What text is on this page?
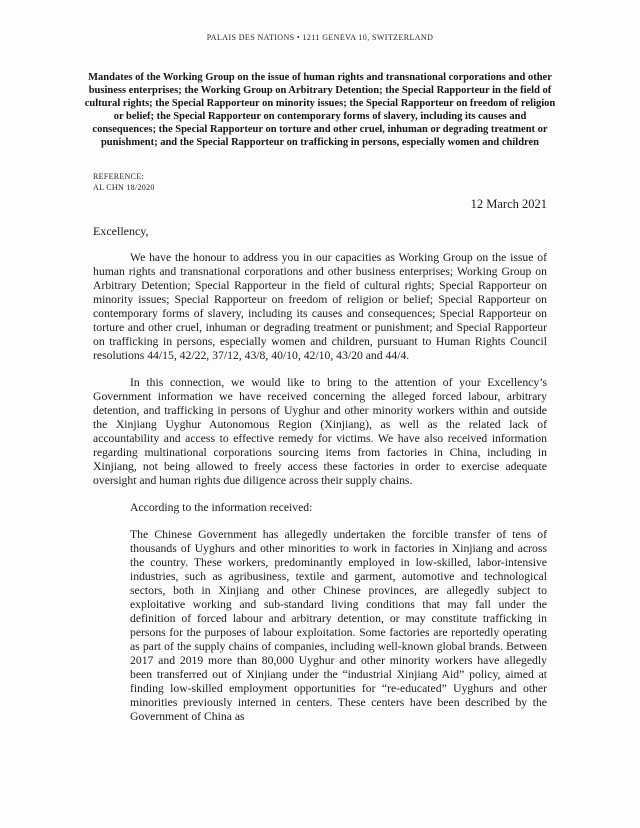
PALAIS DES NATIONS • 1211 GENEVA 10, SWITZERLAND
Mandates of the Working Group on the issue of human rights and transnational corporations and other business enterprises; the Working Group on Arbitrary Detention; the Special Rapporteur in the field of cultural rights; the Special Rapporteur on minority issues; the Special Rapporteur on freedom of religion or belief; the Special Rapporteur on contemporary forms of slavery, including its causes and consequences; the Special Rapporteur on torture and other cruel, inhuman or degrading treatment or punishment; and the Special Rapporteur on trafficking in persons, especially women and children
REFERENCE:
AL CHN 18/2020
12 March 2021

Excellency,

We have the honour to address you in our capacities as Working Group on the issue of human rights and transnational corporations and other business enterprises; Working Group on Arbitrary Detention; Special Rapporteur in the field of cultural rights; Special Rapporteur on minority issues; Special Rapporteur on freedom of religion or belief; Special Rapporteur on contemporary forms of slavery, including its causes and consequences; Special Rapporteur on torture and other cruel, inhuman or degrading treatment or punishment; and Special Rapporteur on trafficking in persons, especially women and children, pursuant to Human Rights Council resolutions 44/15, 42/22, 37/12, 43/8, 40/10, 42/10, 43/20 and 44/4.

In this connection, we would like to bring to the attention of your Excellency’s Government information we have received concerning the alleged forced labour, arbitrary detention, and trafficking in persons of Uyghur and other minority workers within and outside the Xinjiang Uyghur Autonomous Region (Xinjiang), as well as the related lack of accountability and access to effective remedy for victims. We have also received information regarding multinational corporations sourcing items from factories in China, including in Xinjiang, not being allowed to freely access these factories in order to exercise adequate oversight and human rights due diligence across their supply chains.

According to the information received:

The Chinese Government has allegedly undertaken the forcible transfer of tens of thousands of Uyghurs and other minorities to work in factories in Xinjiang and across the country. These workers, predominantly employed in low-skilled, labor-intensive industries, such as agribusiness, textile and garment, automotive and technological sectors, both in Xinjiang and other Chinese provinces, are allegedly subject to exploitative working and sub-standard living conditions that may fall under the definition of forced labour and arbitrary detention, or may constitute trafficking in persons for the purposes of labour exploitation. Some factories are reportedly operating as part of the supply chains of companies, including well-known global brands. Between 2017 and 2019 more than 80,000 Uyghur and other minority workers have allegedly been transferred out of Xinjiang under the “industrial Xinjiang Aid” policy, aimed at finding low-skilled employment opportunities for “re-educated” Uyghurs and other minorities previously interned in centers. These centers have been described by the Government of China as
